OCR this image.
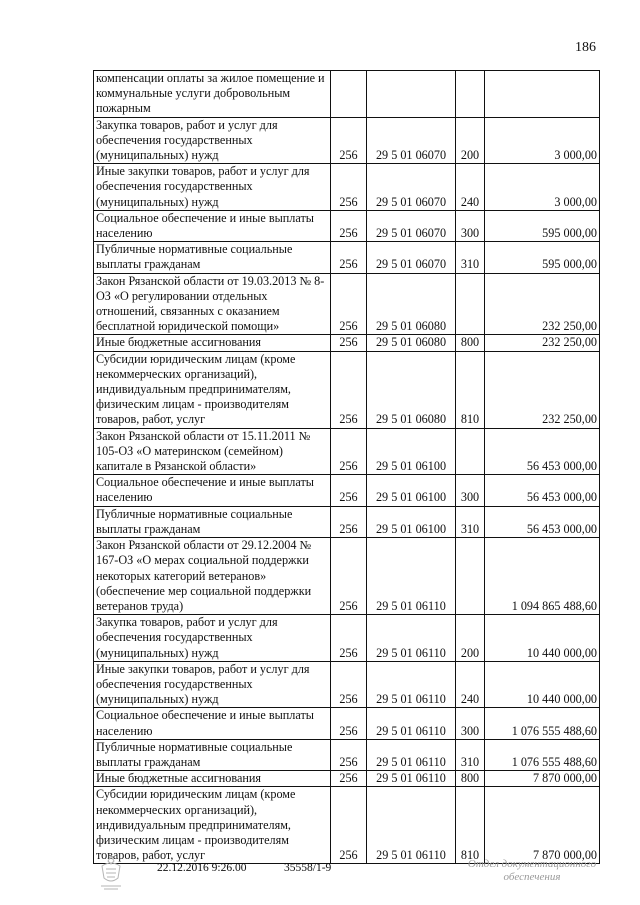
186
компенсации оплаты за жилое помещение и коммунальные услуги добровольным пожарным				
Закупка товаров, работ и услуг для обеспечения государственных (муниципальных) нужд	256	29 5 01 06070	200	3 000,00
Иные закупки товаров, работ и услуг для обеспечения государственных (муниципальных) нужд	256	29 5 01 06070	240	3 000,00
Социальное обеспечение и иные выплаты населению	256	29 5 01 06070	300	595 000,00
Публичные нормативные социальные выплаты гражданам	256	29 5 01 06070	310	595 000,00
Закон Рязанской области от 19.03.2013 № 8-ОЗ «О регулировании отдельных отношений, связанных с оказанием бесплатной юридической помощи»	256	29 5 01 06080		232 250,00
Иные бюджетные ассигнования	256	29 5 01 06080	800	232 250,00
Субсидии юридическим лицам (кроме некоммерческих организаций), индивидуальным предпринимателям, физическим лицам - производителям товаров, работ, услуг	256	29 5 01 06080	810	232 250,00
Закон Рязанской области от 15.11.2011 № 105-ОЗ «О материнском (семейном) капитале в Рязанской области»	256	29 5 01 06100		56 453 000,00
Социальное обеспечение и иные выплаты населению	256	29 5 01 06100	300	56 453 000,00
Публичные нормативные социальные выплаты гражданам	256	29 5 01 06100	310	56 453 000,00
Закон Рязанской области от 29.12.2004 № 167-ОЗ «О мерах социальной поддержки некоторых категорий ветеранов» (обеспечение мер социальной поддержки ветеранов труда)	256	29 5 01 06110		1 094 865 488,60
Закупка товаров, работ и услуг для обеспечения государственных (муниципальных) нужд	256	29 5 01 06110	200	10 440 000,00
Иные закупки товаров, работ и услуг для обеспечения государственных (муниципальных) нужд	256	29 5 01 06110	240	10 440 000,00
Социальное обеспечение и иные выплаты населению	256	29 5 01 06110	300	1 076 555 488,60
Публичные нормативные социальные выплаты гражданам	256	29 5 01 06110	310	1 076 555 488,60
Иные бюджетные ассигнования	256	29 5 01 06110	800	7 870 000,00
Субсидии юридическим лицам (кроме некоммерческих организаций), индивидуальным предпринимателям, физическим лицам - производителям товаров, работ, услуг	256	29 5 01 06110	810	7 870 000,00
22.12.2016 9:26.00	35558/1-9	Отдел документационного
обеспечения
